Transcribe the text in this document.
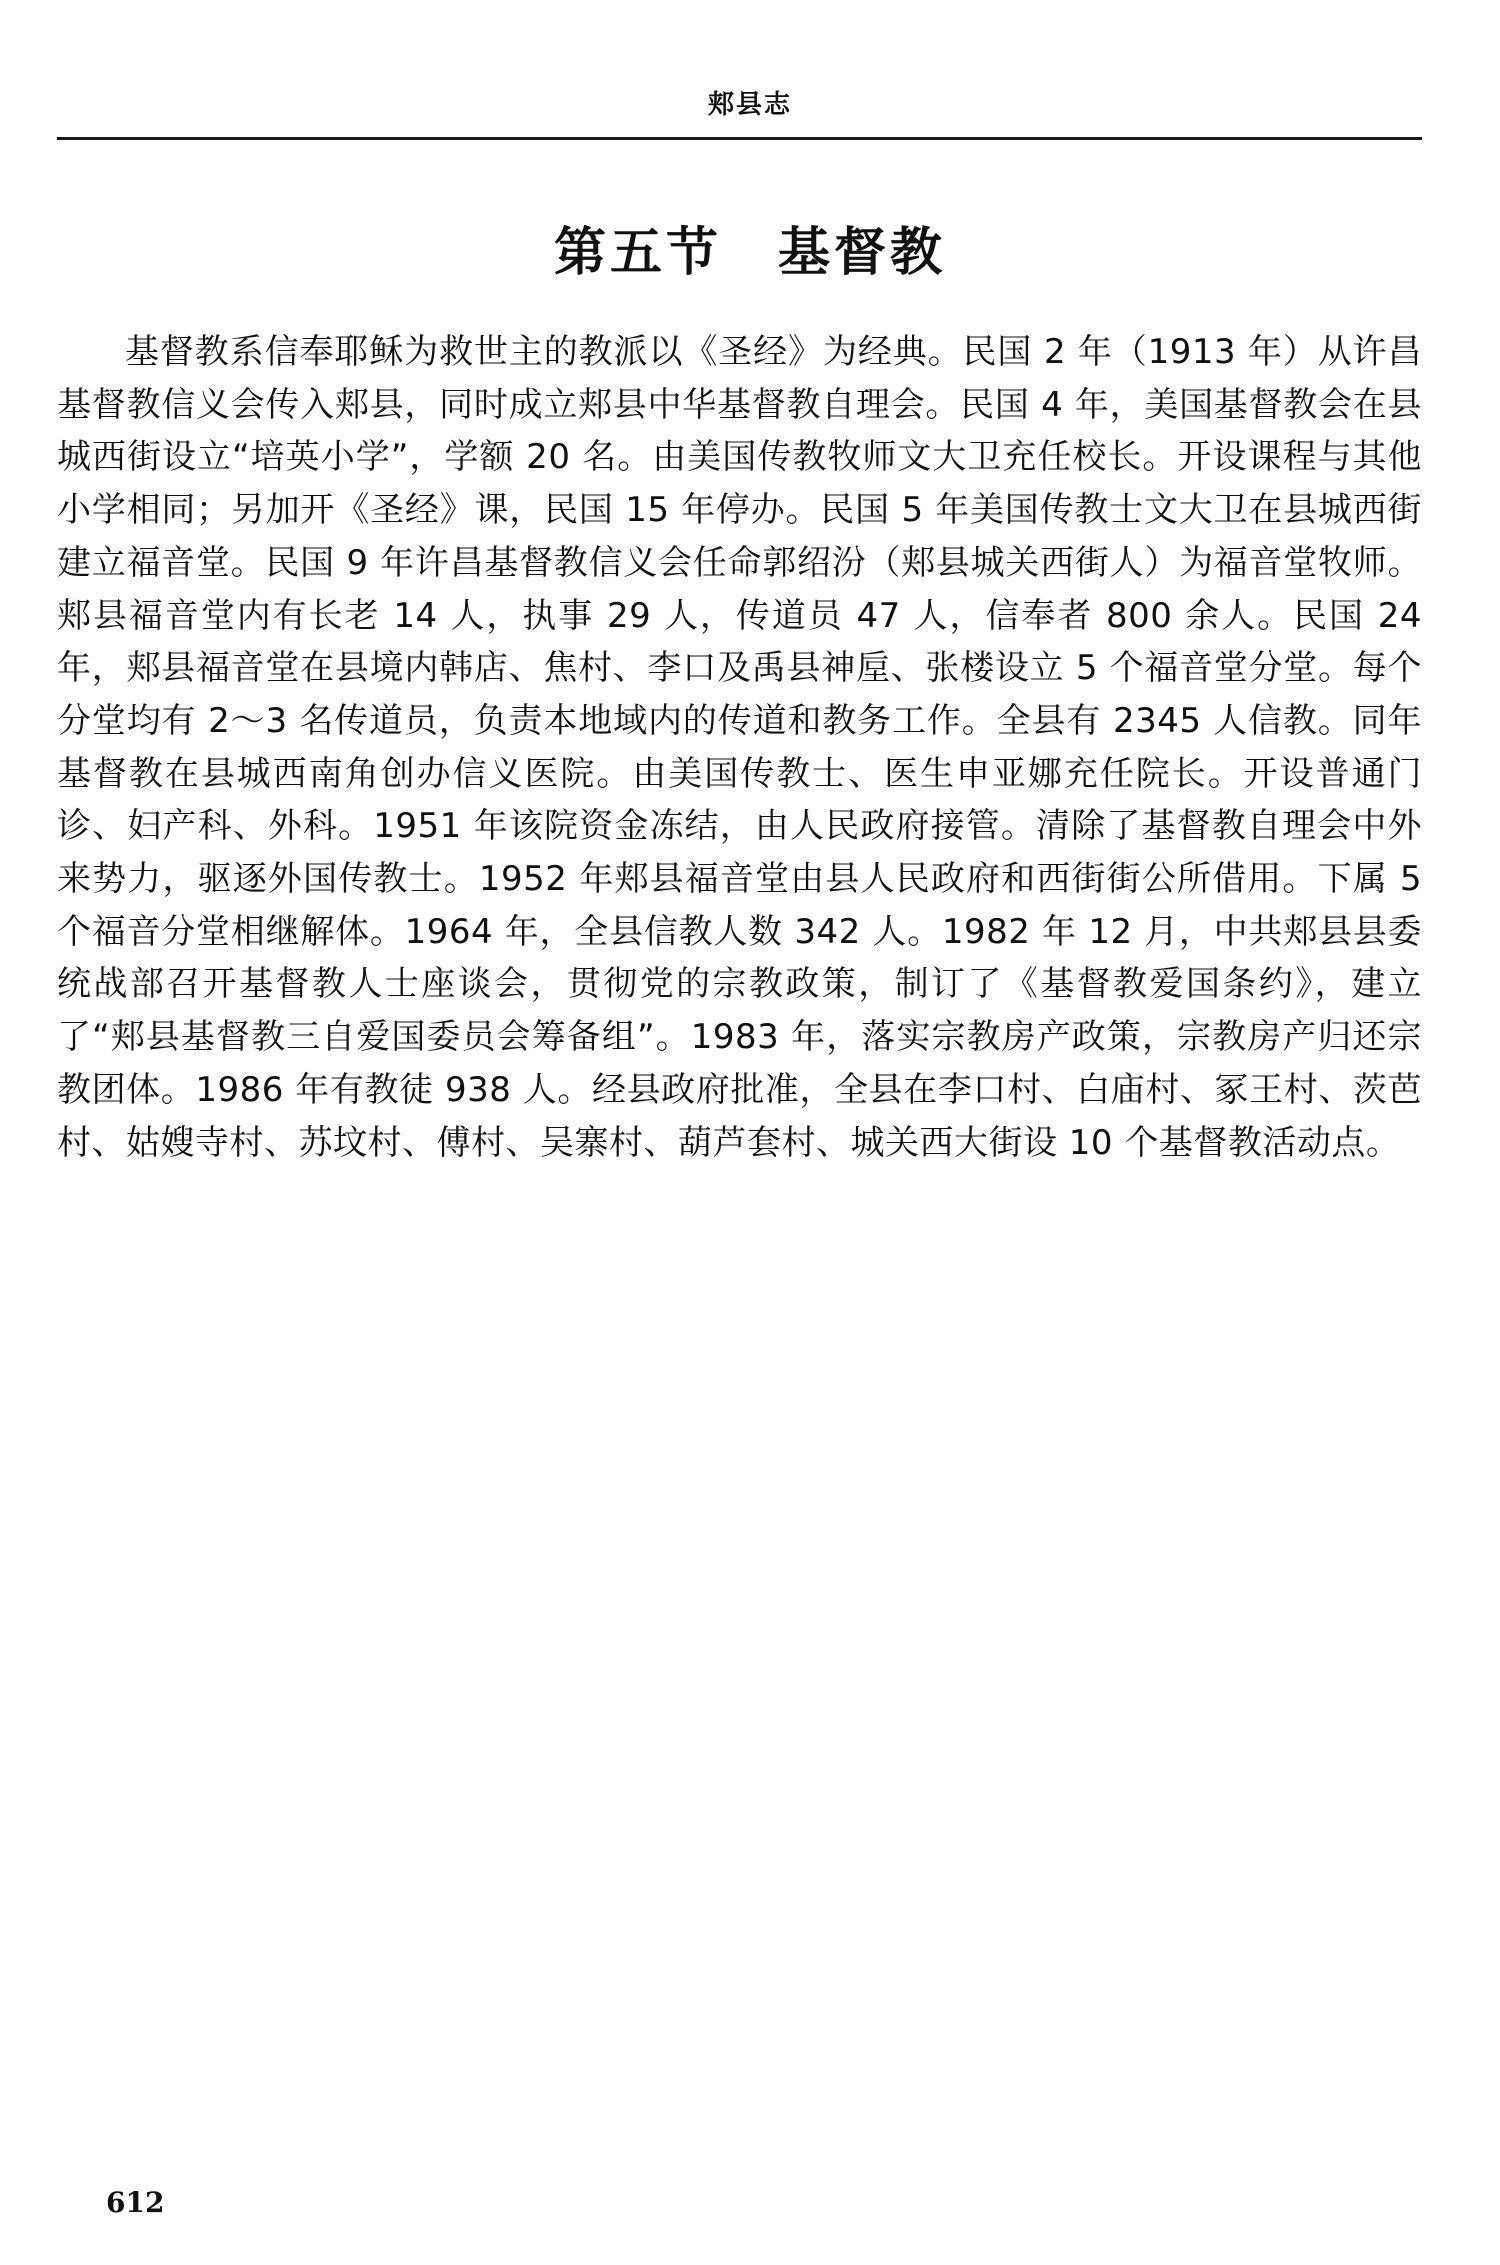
郏县志
第五节 基督教

基督教系信奉耶稣为救世主的教派以《圣经》为经典。民国 2 年（1913 年）从许昌基督教信义会传入郏县，同时成立郏县中华基督教自理会。民国 4 年，美国基督教会在县城西街设立“培英小学”，学额 20 名。由美国传教牧师文大卫充任校长。开设课程与其他小学相同；另加开《圣经》课，民国 15 年停办。民国 5 年美国传教士文大卫在县城西街建立福音堂。民国 9 年许昌基督教信义会任命郭绍汾（郏县城关西街人）为福音堂牧师。郏县福音堂内有长老 14 人，执事 29 人，传道员 47 人，信奉者 800 余人。民国 24 年，郏县福音堂在县境内韩店、焦村、李口及禹县神垕、张楼设立 5 个福音堂分堂。每个分堂均有 2～3 名传道员，负责本地域内的传道和教务工作。全县有 2345 人信教。同年基督教在县城西南角创办信义医院。由美国传教士、医生申亚娜充任院长。开设普通门诊、妇产科、外科。1951 年该院资金冻结，由人民政府接管。清除了基督教自理会中外来势力，驱逐外国传教士。1952 年郏县福音堂由县人民政府和西街街公所借用。下属 5 个福音分堂相继解体。1964 年，全县信教人数 342 人。1982 年 12 月，中共郏县县委统战部召开基督教人士座谈会，贯彻党的宗教政策，制订了《基督教爱国条约》，建立了“郏县基督教三自爱国委员会筹备组”。1983 年，落实宗教房产政策，宗教房产归还宗教团体。1986 年有教徒 938 人。经县政府批准，全县在李口村、白庙村、冢王村、茨芭村、姑嫂寺村、苏坟村、傅村、吴寨村、葫芦套村、城关西大街设 10 个基督教活动点。

612
